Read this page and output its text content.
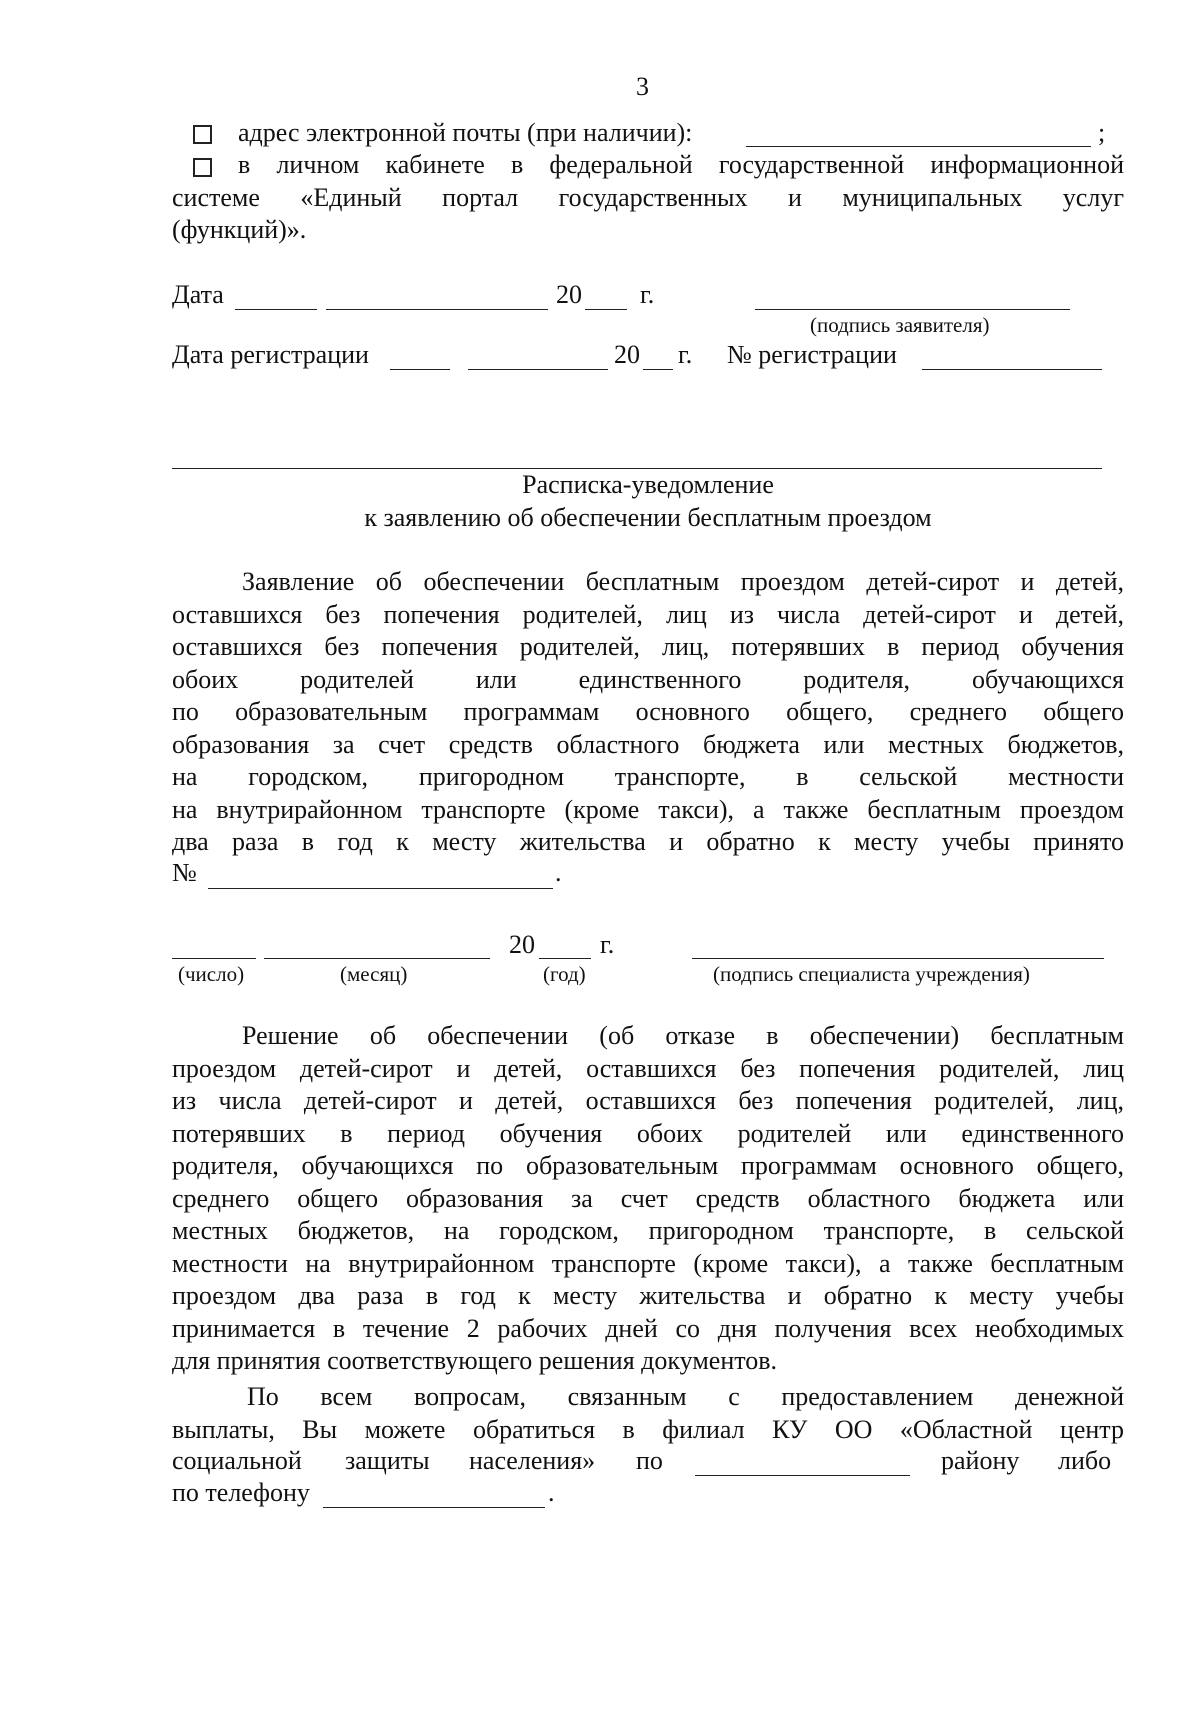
3
адрес электронной почты (при наличии):	;
в личном кабинете в федеральной государственной информационной
системе «Единый портал государственных и муниципальных услуг
(функций)».
Дата	20 г.
(подпись заявителя)
Дата регистрации	20 г. № регистрации
Расписка-уведомление
к заявлению об обеспечении бесплатным проездом
Заявление об обеспечении бесплатным проездом детей-сирот и детей,
оставшихся без попечения родителей, лиц из числа детей-сирот и детей,
оставшихся без попечения родителей, лиц, потерявших в период обучения
обоих родителей или единственного родителя, обучающихся
по образовательным программам основного общего, среднего общего
образования за счет средств областного бюджета или местных бюджетов,
на городском, пригородном транспорте, в сельской местности
на внутрирайонном транспорте (кроме такси), а также бесплатным проездом
два раза в год к месту жительства и обратно к месту учебы принято
№	.
20	г.
(число)	(месяц)	(год)	(подпись специалиста учреждения)
Решение об обеспечении (об отказе в обеспечении) бесплатным
проездом детей-сирот и детей, оставшихся без попечения родителей, лиц
из числа детей-сирот и детей, оставшихся без попечения родителей, лиц,
потерявших в период обучения обоих родителей или единственного
родителя, обучающихся по образовательным программам основного общего,
среднего общего образования за счет средств областного бюджета или
местных бюджетов, на городском, пригородном транспорте, в сельской
местности на внутрирайонном транспорте (кроме такси), а также бесплатным
проездом два раза в год к месту жительства и обратно к месту учебы
принимается в течение 2 рабочих дней со дня получения всех необходимых
для принятия соответствующего решения документов.
По всем вопросам, связанным с предоставлением денежной
выплаты, Вы можете обратиться в филиал КУ ОО «Областной центр
социальной защиты населения» по	району либо
по телефону	.
